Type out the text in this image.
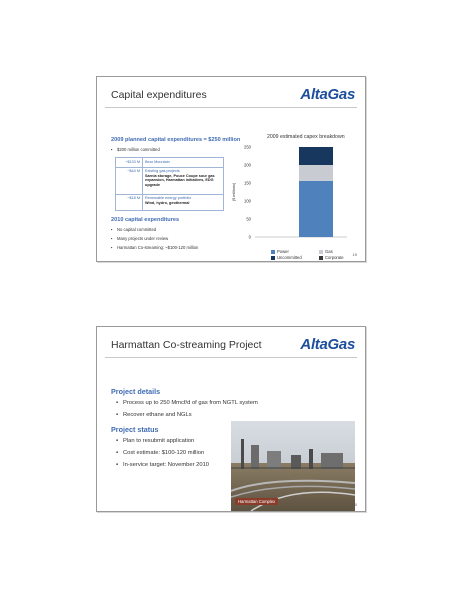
Capital expenditures	AltaGas
2009 planned capital expenditures ≈ $250 million
▪ $200 million committed
~$133 M Bear Mountain
~$44 M Existing gas projects
Sarnia storage, Pouce Coupe sour gas expansion, Harmattan initiatives, EDG upgrade
~$18 M Renewable energy portfolio
Wind, hydro, geothermal
2010 capital expenditures
▪ No capital committed
▪ Many projects under review
▪ Harmattan Co-streaming: ~$100-120 million
2009 estimated capex breakdown
0
50
100
150
200
250
($ millions)
Power	Gas
Uncommitted	Corporate
19
Harmattan Co-streaming Project	AltaGas
Project details
▪ Process up to 250 Mmcf/d of gas from NGTL system
▪ Recover ethane and NGLs
Project status
▪ Plan to resubmit application
▪ Cost estimate: $100-120 million
▪ In-service target: November 2010
Harmattan Complex
20
